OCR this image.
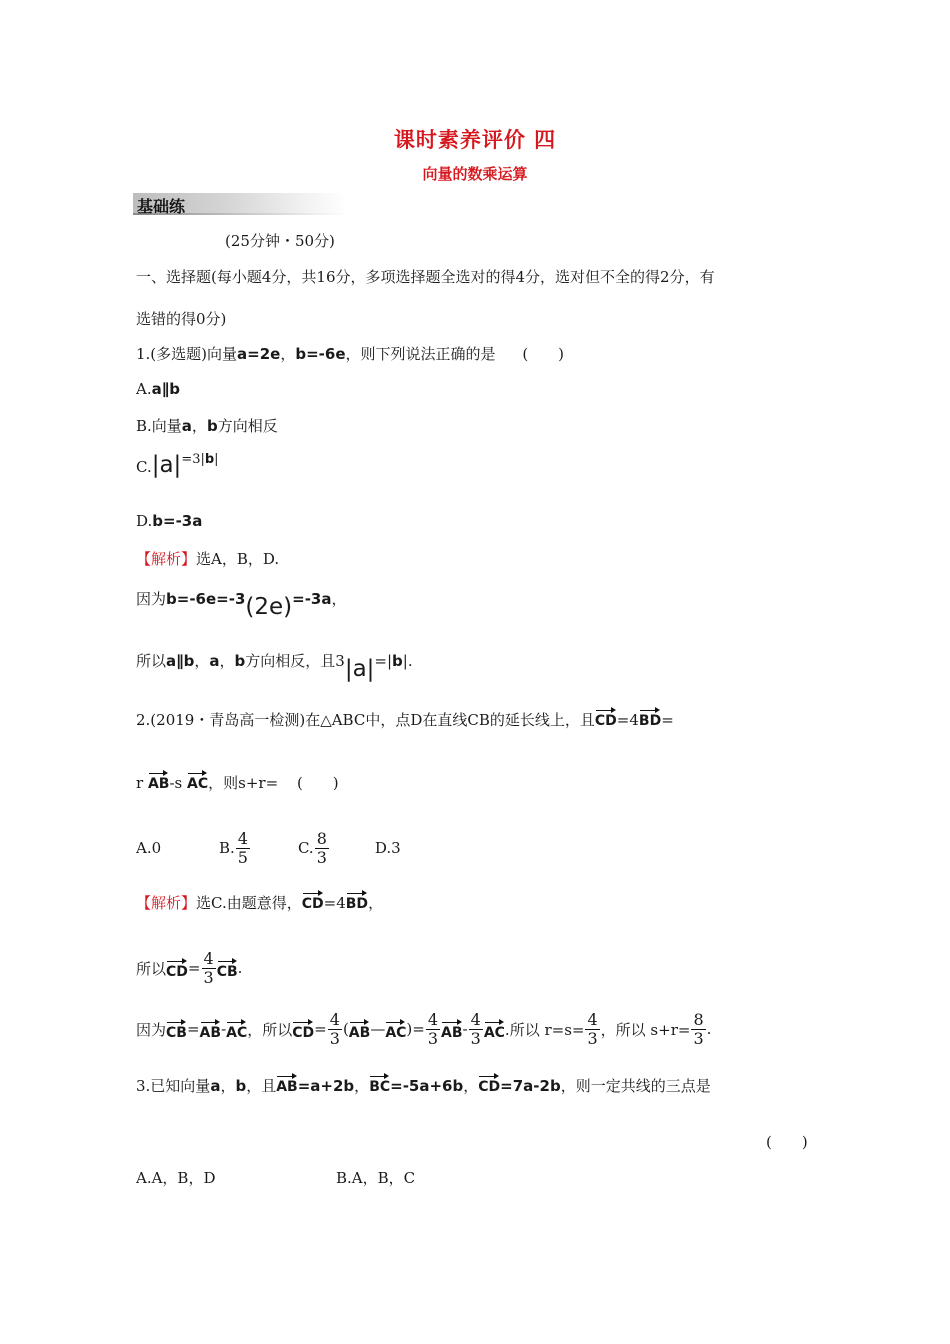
课时素养评价 四
向量的数乘运算
基础练
(25分钟・50分)
一、选择题(每小题4分，共16分，多项选择题全选对的得4分，选对但不全的得2分，有
选错的得0分)
1.(多选题)向量a=2e，b=-6e，则下列说法正确的是 (　　)
A.a∥b
B.向量a，b方向相反
C.|a|=3|b|
D.b=-3a
【解析】选A，B，D.
因为b=-6e=-3(2e)=-3a，
所以a∥b，a，b方向相反，且3|a|=|b|.
2.(2019・青岛高一检测)在△ABC中，点D在直线CB的延长线上，且CD=4BD=
r AB-s AC，则s+r= (　　)
A.0	B. $\frac{4}{5}$	C. $\frac{8}{3}$	D.3
【解析】选C.由题意得，CD=4BD，
所以 CD = $\frac{4}{3}$ CB .
因为 CB = AB - AC ，所以 CD = $\frac{4}{3}$ ( AB — AC )= $\frac{4}{3}$ AB - $\frac{4}{3}$ AC .所以 $r=s= \frac{4}{3}$ ，所以 $s+r= \frac{8}{3}$ .
3.已知向量a，b，且AB=a+2b，BC=-5a+6b，CD=7a-2b，则一定共线的三点是
(　　)
A.A，B，D	B.A，B，C
